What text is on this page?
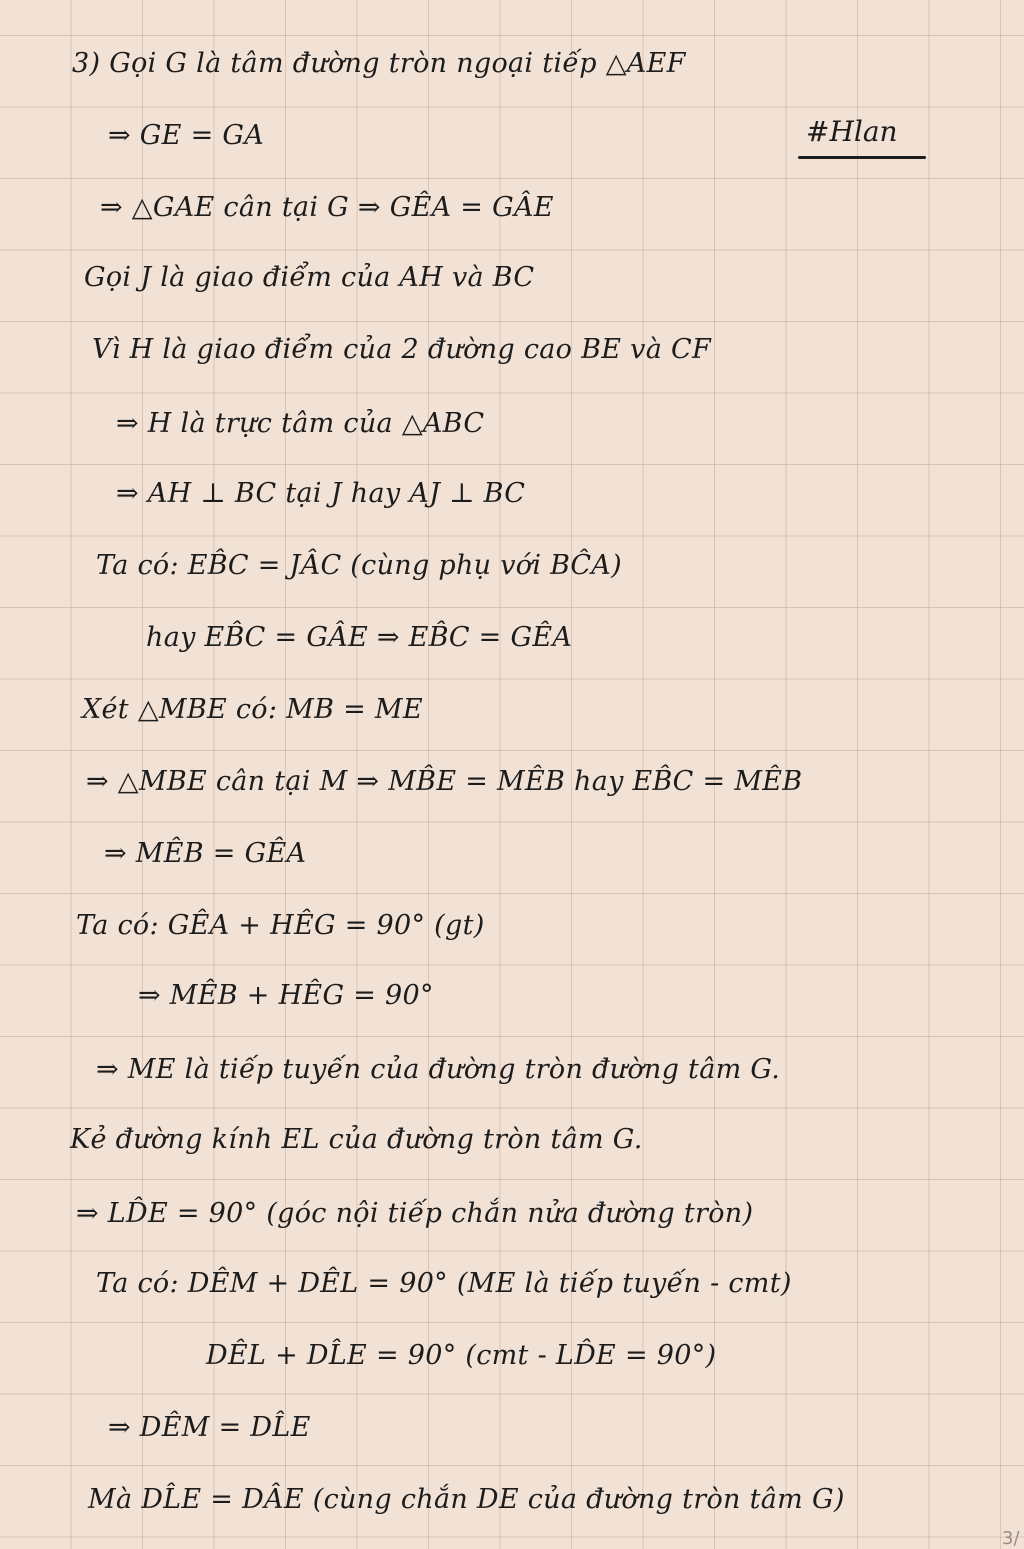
3) Gọi G là tâm đường tròn ngoại tiếp △AEF
⇒ GE = GA	#Hlan
⇒ △GAE cân tại G ⇒ GÊA = GÂE
Gọi J là giao điểm của AH và BC
Vì H là giao điểm của 2 đường cao BE và CF
⇒ H là trực tâm của △ABC
⇒ AH ⊥ BC tại J hay AJ ⊥ BC
Ta có: EB̂C = JÂC (cùng phụ với BĈA)
hay EB̂C = GÂE ⇒ EB̂C = GÊA
Xét △MBE có: MB = ME
⇒ △MBE cân tại M ⇒ MB̂E = MÊB hay EB̂C = MÊB
⇒ MÊB = GÊA
Ta có: GÊA + HÊG = 90° (gt)
⇒ MÊB + HÊG = 90°
⇒ ME là tiếp tuyến của đường tròn đường tâm G.
Kẻ đường kính EL của đường tròn tâm G.
⇒ LD̂E = 90° (góc nội tiếp chắn nửa đường tròn)
Ta có: DÊM + DÊL = 90° (ME là tiếp tuyến - cmt)
DÊL + DL̂E = 90° (cmt - LD̂E = 90°)
⇒ DÊM = DL̂E
Mà DL̂E = DÂE (cùng chắn DE của đường tròn tâm G)
3/
